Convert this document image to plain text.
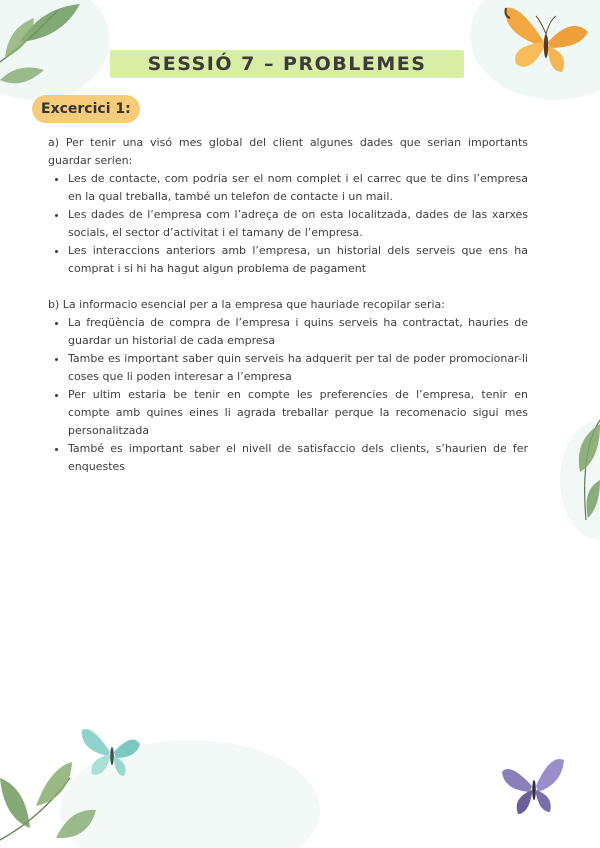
SESSIÓ 7 – PROBLEMES
Excercici 1:

a) Per tenir una visó mes global del client algunes dades que serian importants guardar serien:

• Les de contacte, com podria ser el nom complet i el carrec que te dins l’empresa en la qual treballa, també un telefon de contacte i un mail.
• Les dades de l’empresa com l’adreça de on esta localitzada, dades de las xarxes socials, el sector d’activitat i el tamany de l’empresa.
• Les interaccions anteriors amb l’empresa, un historial dels serveis que ens ha comprat i si hi ha hagut algun problema de pagament

b) La informacio esencial per a la empresa que hauriade recopilar seria:

• La freqüència de compra de l’empresa i quins serveis ha contractat, hauries de guardar un historial de cada empresa
• Tambe es important saber quin serveis ha adquerit per tal de poder promocionar-li coses que li poden interesar a l’empresa
• Per ultim estaria be tenir en compte les preferencies de l’empresa, tenir en compte amb quines eines li agrada treballar perque la recomenacio sigui mes personalitzada
• També es important saber el nivell de satisfaccio dels clients, s’haurien de fer enquestes
